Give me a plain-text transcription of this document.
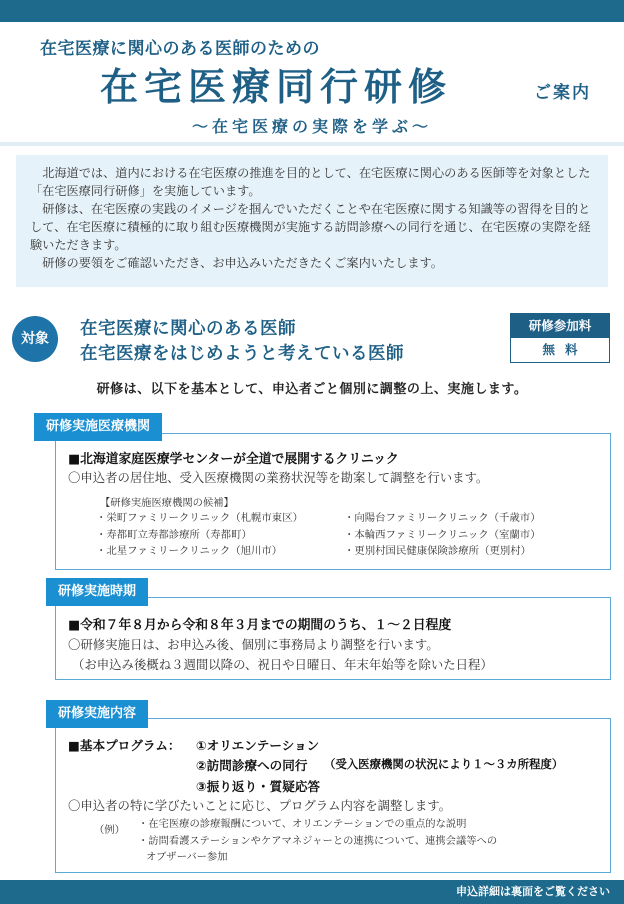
在宅医療に関心のある医師のための
在宅医療同行研修	ご案内
～在宅医療の実際を学ぶ～

北海道では、道内における在宅医療の推進を目的として、在宅医療に関心のある医師等を対象とした「在宅医療同行研修」を実施しています。

研修は、在宅医療の実践のイメージを掴んでいただくことや在宅医療に関する知識等の習得を目的として、在宅医療に積極的に取り組む医療機関が実施する訪問診療への同行を通じ、在宅医療の実際を経験いただきます。

研修の要領をご確認いただき、お申込みいただきたくご案内いたします。

対象	在宅医療に関心のある医師
在宅医療をはじめようと考えている医師
研修参加料
無料
研修は、以下を基本として、申込者ごと個別に調整の上、実施します。
■北海道家庭医療学センターが全道で展開するクリニック
〇申込者の居住地、受入医療機関の業務状況等を勘案して調整を行います。
【研修実施医療機関の候補】
・栄町ファミリークリニック（札幌市東区）
・寿都町立寿都診療所（寿都町）
・北星ファミリークリニック（旭川市）
・向陽台ファミリークリニック（千歳市）
・本輪西ファミリークリニック（室蘭市）
・更別村国民健康保険診療所（更別村）
研修実施医療機関
■令和７年８月から令和８年３月までの期間のうち、１～２日程度
〇研修実施日は、お申込み後、個別に事務局より調整を行います。
（お申込み後概ね３週間以降の、祝日や日曜日、年末年始等を除いた日程）
研修実施時期
■基本プログラム： ①オリエンテーション
②訪問診療への同行 （受入医療機関の状況により１～３カ所程度）
③振り返り・質疑応答
〇申込者の特に学びたいことに応じ、プログラム内容を調整します。
（例） ・在宅医療の診療報酬について、オリエンテーションでの重点的な説明
・訪問看護ステーションやケアマネジャーとの連携について、連携会議等への
オブザーバー参加
研修実施内容
申込詳細は裏面をご覧ください
